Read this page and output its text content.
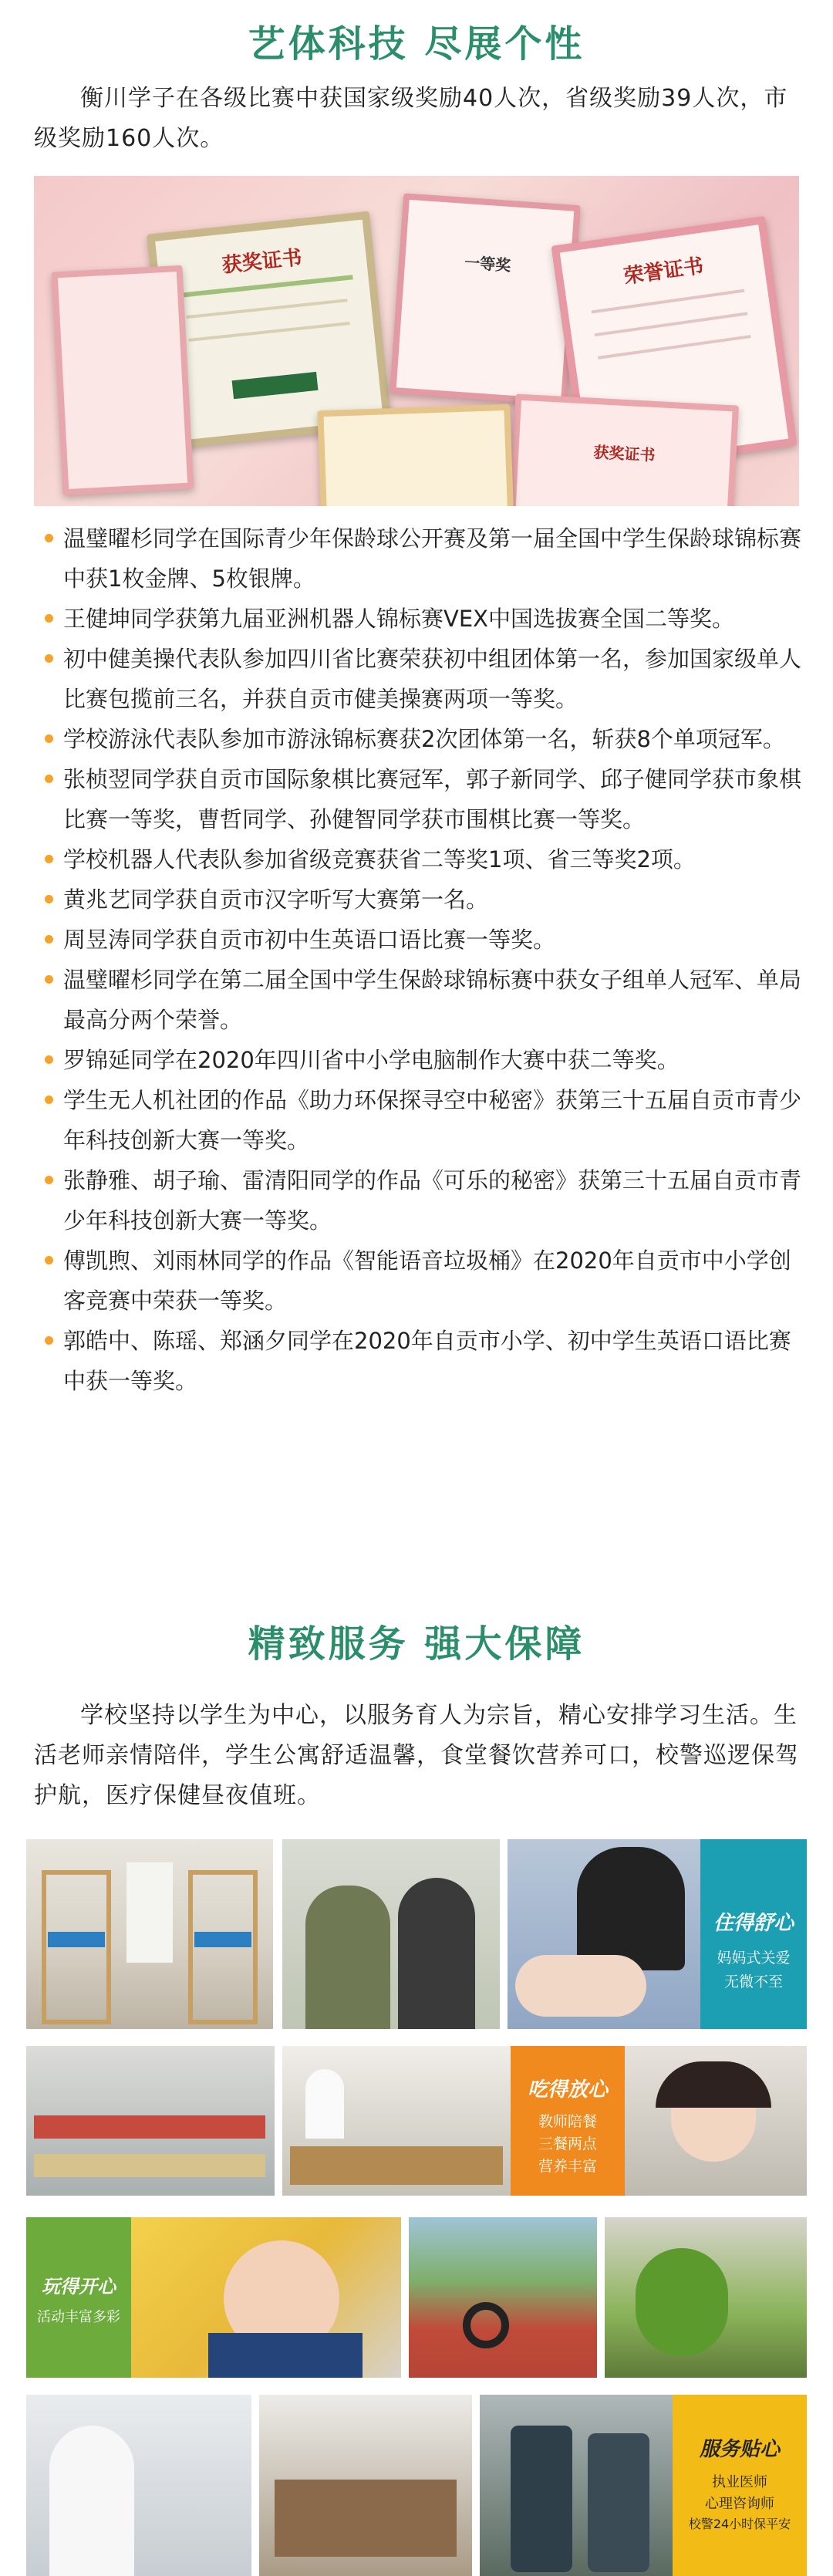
艺体科技 尽展个性
衡川学子在各级比赛中获国家级奖励40人次，省级奖励39人次，市级奖励160人次。
获奖证书	一等奖	荣誉证书
获奖证书
温璧曜杉同学在国际青少年保龄球公开赛及第一届全国中学生保龄球锦标赛中获1枚金牌、5枚银牌。
王健坤同学获第九届亚洲机器人锦标赛VEX中国选拔赛全国二等奖。
初中健美操代表队参加四川省比赛荣获初中组团体第一名，参加国家级单人比赛包揽前三名，并获自贡市健美操赛两项一等奖。
学校游泳代表队参加市游泳锦标赛获2次团体第一名，斩获8个单项冠军。
张桢翌同学获自贡市国际象棋比赛冠军，郭子新同学、邱子健同学获市象棋比赛一等奖，曹哲同学、孙健智同学获市围棋比赛一等奖。
学校机器人代表队参加省级竞赛获省二等奖1项、省三等奖2项。
黄兆艺同学获自贡市汉字听写大赛第一名。
周昱涛同学获自贡市初中生英语口语比赛一等奖。
温璧曜杉同学在第二届全国中学生保龄球锦标赛中获女子组单人冠军、单局最高分两个荣誉。
罗锦延同学在2020年四川省中小学电脑制作大赛中获二等奖。
学生无人机社团的作品《助力环保探寻空中秘密》获第三十五届自贡市青少年科技创新大赛一等奖。
张静雅、胡子瑜、雷清阳同学的作品《可乐的秘密》获第三十五届自贡市青少年科技创新大赛一等奖。
傅凯煦、刘雨林同学的作品《智能语音垃圾桶》在2020年自贡市中小学创客竞赛中荣获一等奖。
郭皓中、陈瑶、郑涵夕同学在2020年自贡市小学、初中学生英语口语比赛中获一等奖。
精致服务 强大保障
学校坚持以学生为中心，以服务育人为宗旨，精心安排学习生活。生活老师亲情陪伴，学生公寓舒适温馨，食堂餐饮营养可口，校警巡逻保驾护航，医疗保健昼夜值班。
住得舒心
妈妈式关爱
无微不至
吃得放心
教师陪餐
三餐两点
营养丰富
玩得开心
活动丰富多彩
服务贴心
执业医师
心理咨询师
校警24小时保平安
